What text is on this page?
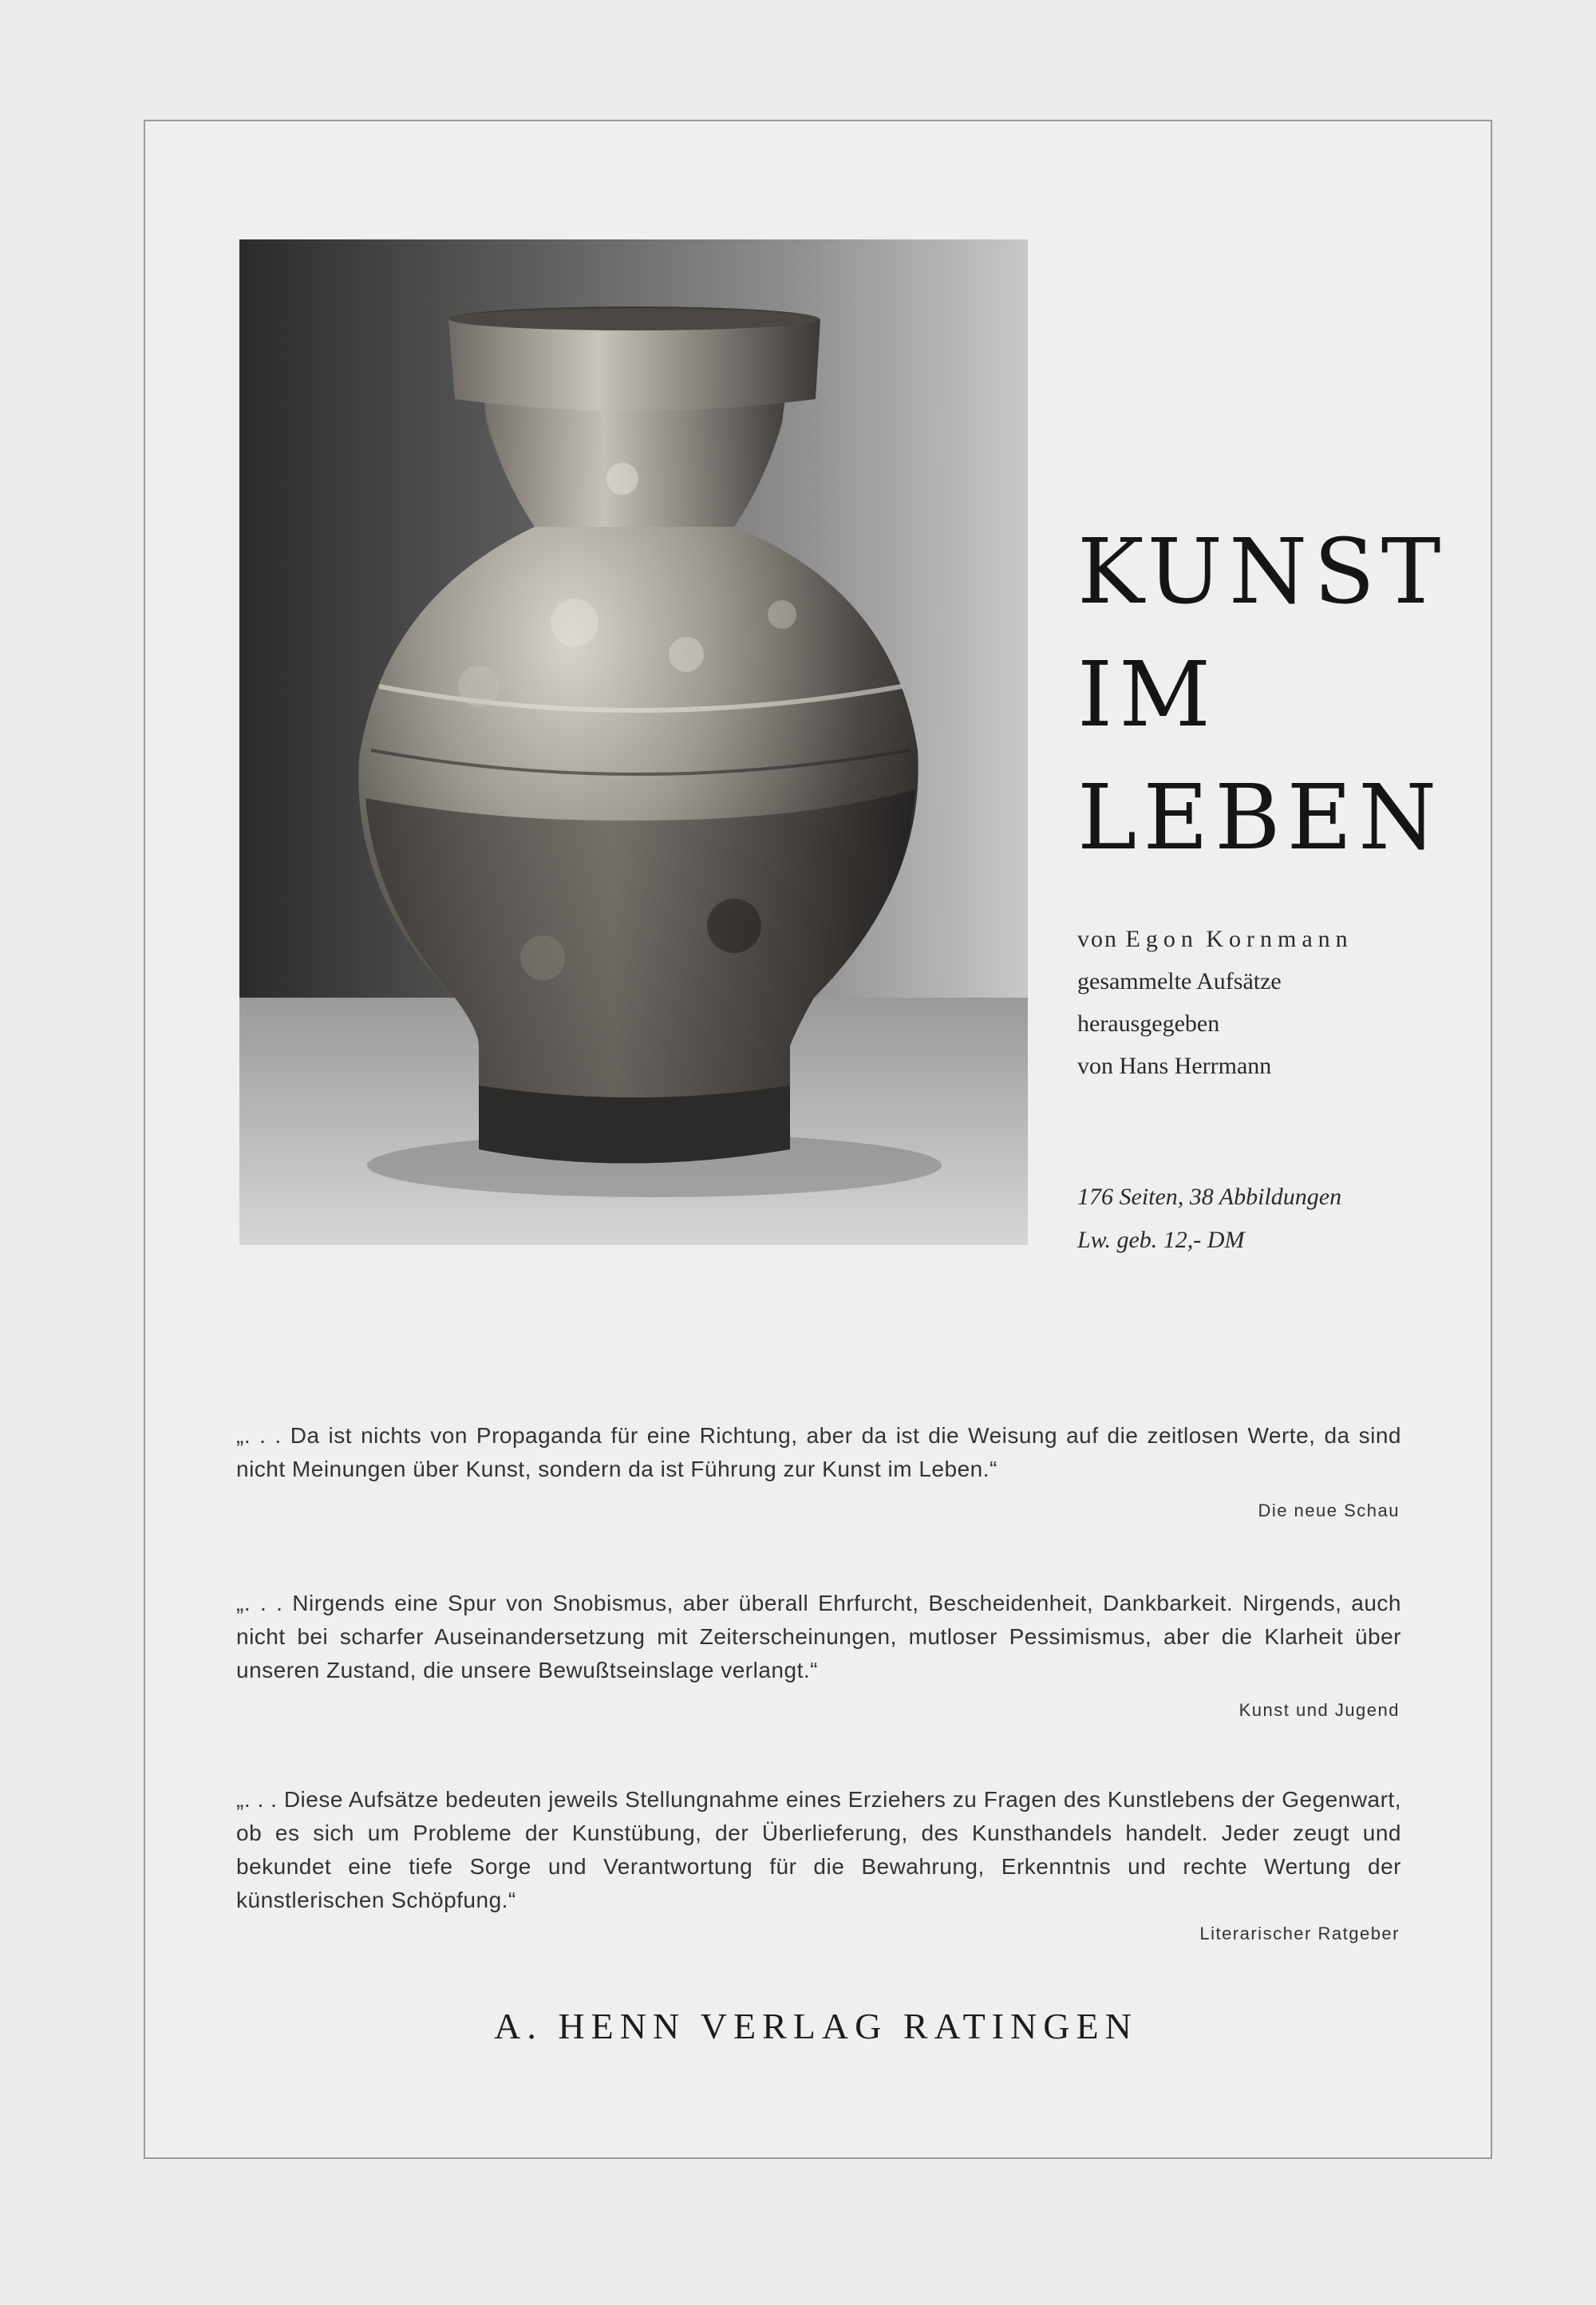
KUNST
IM
LEBEN
von Egon Kornmann
gesammelte Aufsätze
herausgegeben
von Hans Herrmann
176 Seiten, 38 Abbildungen
Lw. geb. 12,- DM
„. . . Da ist nichts von Propaganda für eine Richtung, aber da ist die Weisung auf die zeitlosen Werte, da sind nicht Meinungen über Kunst, sondern da ist Führung zur Kunst im Leben.“
Die neue Schau
„. . . Nirgends eine Spur von Snobismus, aber überall Ehrfurcht, Bescheidenheit, Dankbarkeit. Nirgends, auch nicht bei scharfer Auseinandersetzung mit Zeiterscheinungen, mutloser Pessimismus, aber die Klarheit über unseren Zustand, die unsere Bewußtseinslage verlangt.“
Kunst und Jugend
„. . . Diese Aufsätze bedeuten jeweils Stellungnahme eines Erziehers zu Fragen des Kunstlebens der Gegenwart, ob es sich um Probleme der Kunstübung, der Überlieferung, des Kunsthandels handelt. Jeder zeugt und bekundet eine tiefe Sorge und Verantwortung für die Bewahrung, Erkenntnis und rechte Wertung der künstlerischen Schöpfung.“
Literarischer Ratgeber
A. HENN VERLAG RATINGEN
